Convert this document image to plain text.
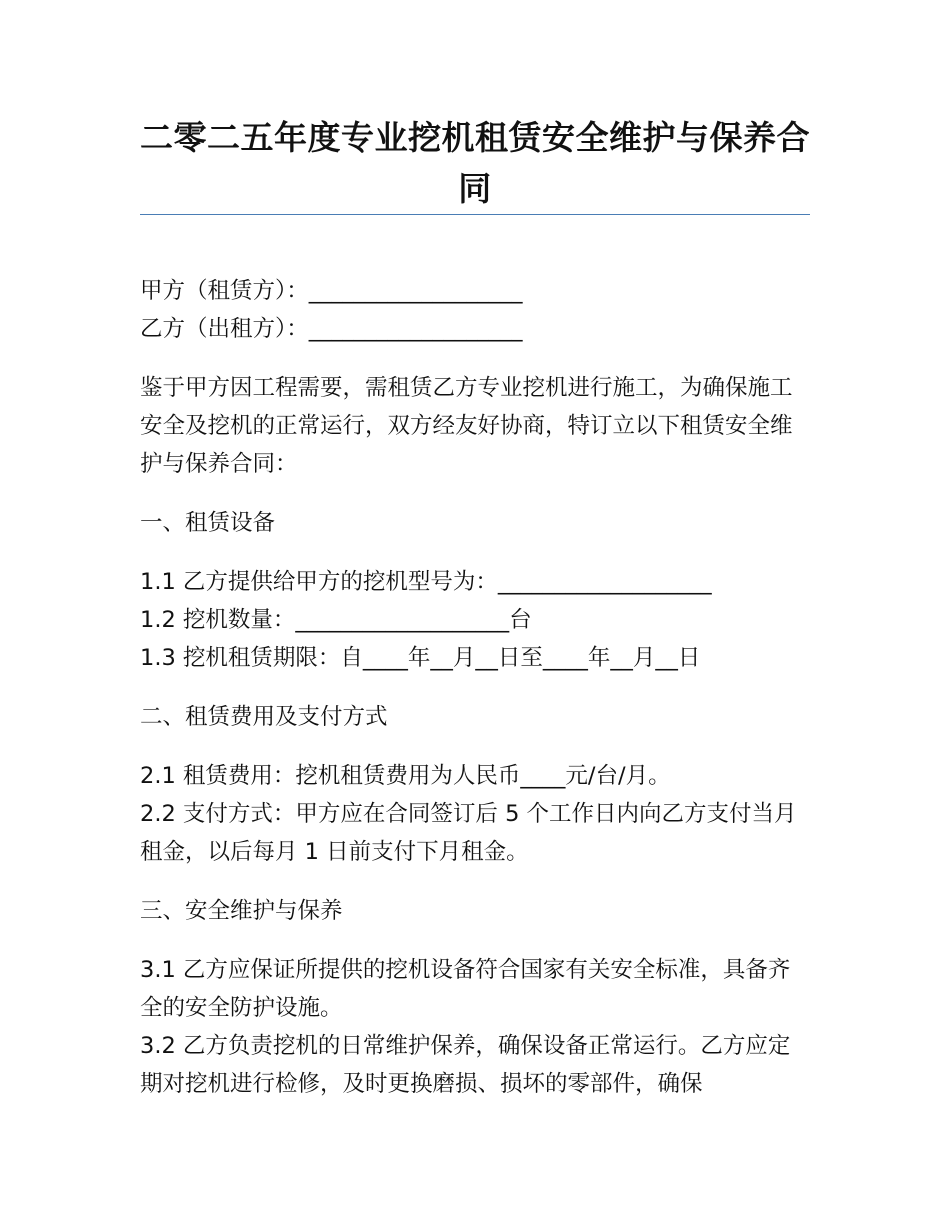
二零二五年度专业挖机租赁安全维护与保养合同

甲方（租赁方）：___________________

乙方（出租方）：___________________

鉴于甲方因工程需要，需租赁乙方专业挖机进行施工，为确保施工安全及挖机的正常运行，双方经友好协商，特订立以下租赁安全维护与保养合同：

一、租赁设备

1.1 乙方提供给甲方的挖机型号为：___________________

1.2 挖机数量：___________________台

1.3 挖机租赁期限：自____年__月__日至____年__月__日

二、租赁费用及支付方式

2.1 租赁费用：挖机租赁费用为人民币____元/台/月。

2.2 支付方式：甲方应在合同签订后 5 个工作日内向乙方支付当月租金，以后每月 1 日前支付下月租金。

三、安全维护与保养

3.1 乙方应保证所提供的挖机设备符合国家有关安全标准，具备齐全的安全防护设施。

3.2 乙方负责挖机的日常维护保养，确保设备正常运行。乙方应定期对挖机进行检修，及时更换磨损、损坏的零部件，确保
